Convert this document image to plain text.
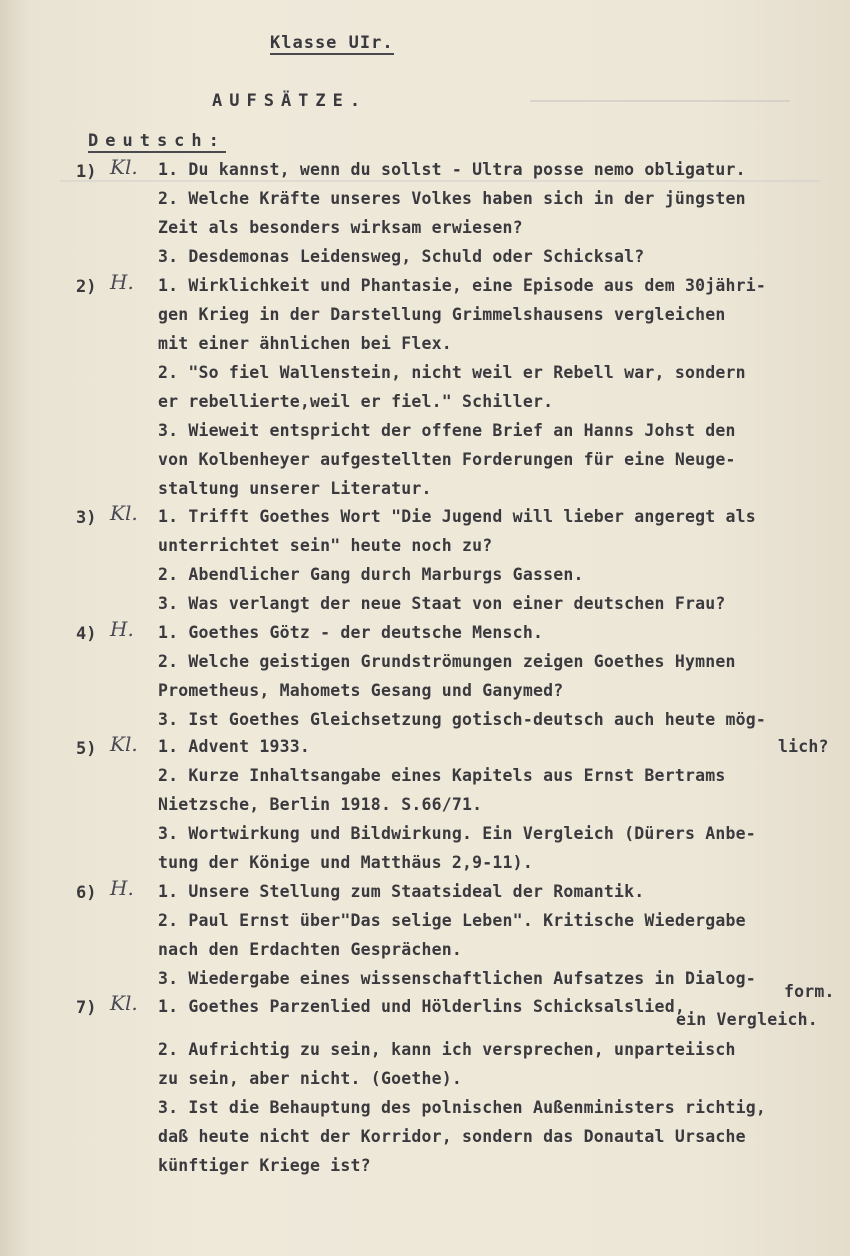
Klasse UIr.
AUFSÄTZE.
Deutsch:
1) Kl. 1. Du kannst, wenn du sollst - Ultra posse nemo obligatur.
2. Welche Kräfte unseres Volkes haben sich in der jüngsten
Zeit als besonders wirksam erwiesen?
3. Desdemonas Leidensweg, Schuld oder Schicksal?
2) H. 1. Wirklichkeit und Phantasie, eine Episode aus dem 30jähri-
gen Krieg in der Darstellung Grimmelshausens vergleichen
mit einer ähnlichen bei Flex.
2. "So fiel Wallenstein, nicht weil er Rebell war, sondern
er rebellierte,weil er fiel." Schiller.
3. Wieweit entspricht der offene Brief an Hanns Johst den
von Kolbenheyer aufgestellten Forderungen für eine Neuge-
staltung unserer Literatur.
3) Kl. 1. Trifft Goethes Wort "Die Jugend will lieber angeregt als
unterrichtet sein" heute noch zu?
2. Abendlicher Gang durch Marburgs Gassen.
3. Was verlangt der neue Staat von einer deutschen Frau?
4) H. 1. Goethes Götz - der deutsche Mensch.
2. Welche geistigen Grundströmungen zeigen Goethes Hymnen
Prometheus, Mahomets Gesang und Ganymed?
3. Ist Goethes Gleichsetzung gotisch-deutsch auch heute mög-
5) Kl. 1. Advent 1933.	lich?
2. Kurze Inhaltsangabe eines Kapitels aus Ernst Bertrams
Nietzsche, Berlin 1918. S.66/71.
3. Wortwirkung und Bildwirkung. Ein Vergleich (Dürers Anbe-
tung der Könige und Matthäus 2,9-11).
6) H. 1. Unsere Stellung zum Staatsideal der Romantik.
2. Paul Ernst über"Das selige Leben". Kritische Wiedergabe
nach den Erdachten Gesprächen.
3. Wiedergabe eines wissenschaftlichen Aufsatzes in Dialog-
7) Kl.	form.
1. Goethes Parzenlied und Hölderlins Schicksalslied,
ein Vergleich.
2. Aufrichtig zu sein, kann ich versprechen, unparteiisch
zu sein, aber nicht. (Goethe).
3. Ist die Behauptung des polnischen Außenministers richtig,
daß heute nicht der Korridor, sondern das Donautal Ursache
künftiger Kriege ist?
